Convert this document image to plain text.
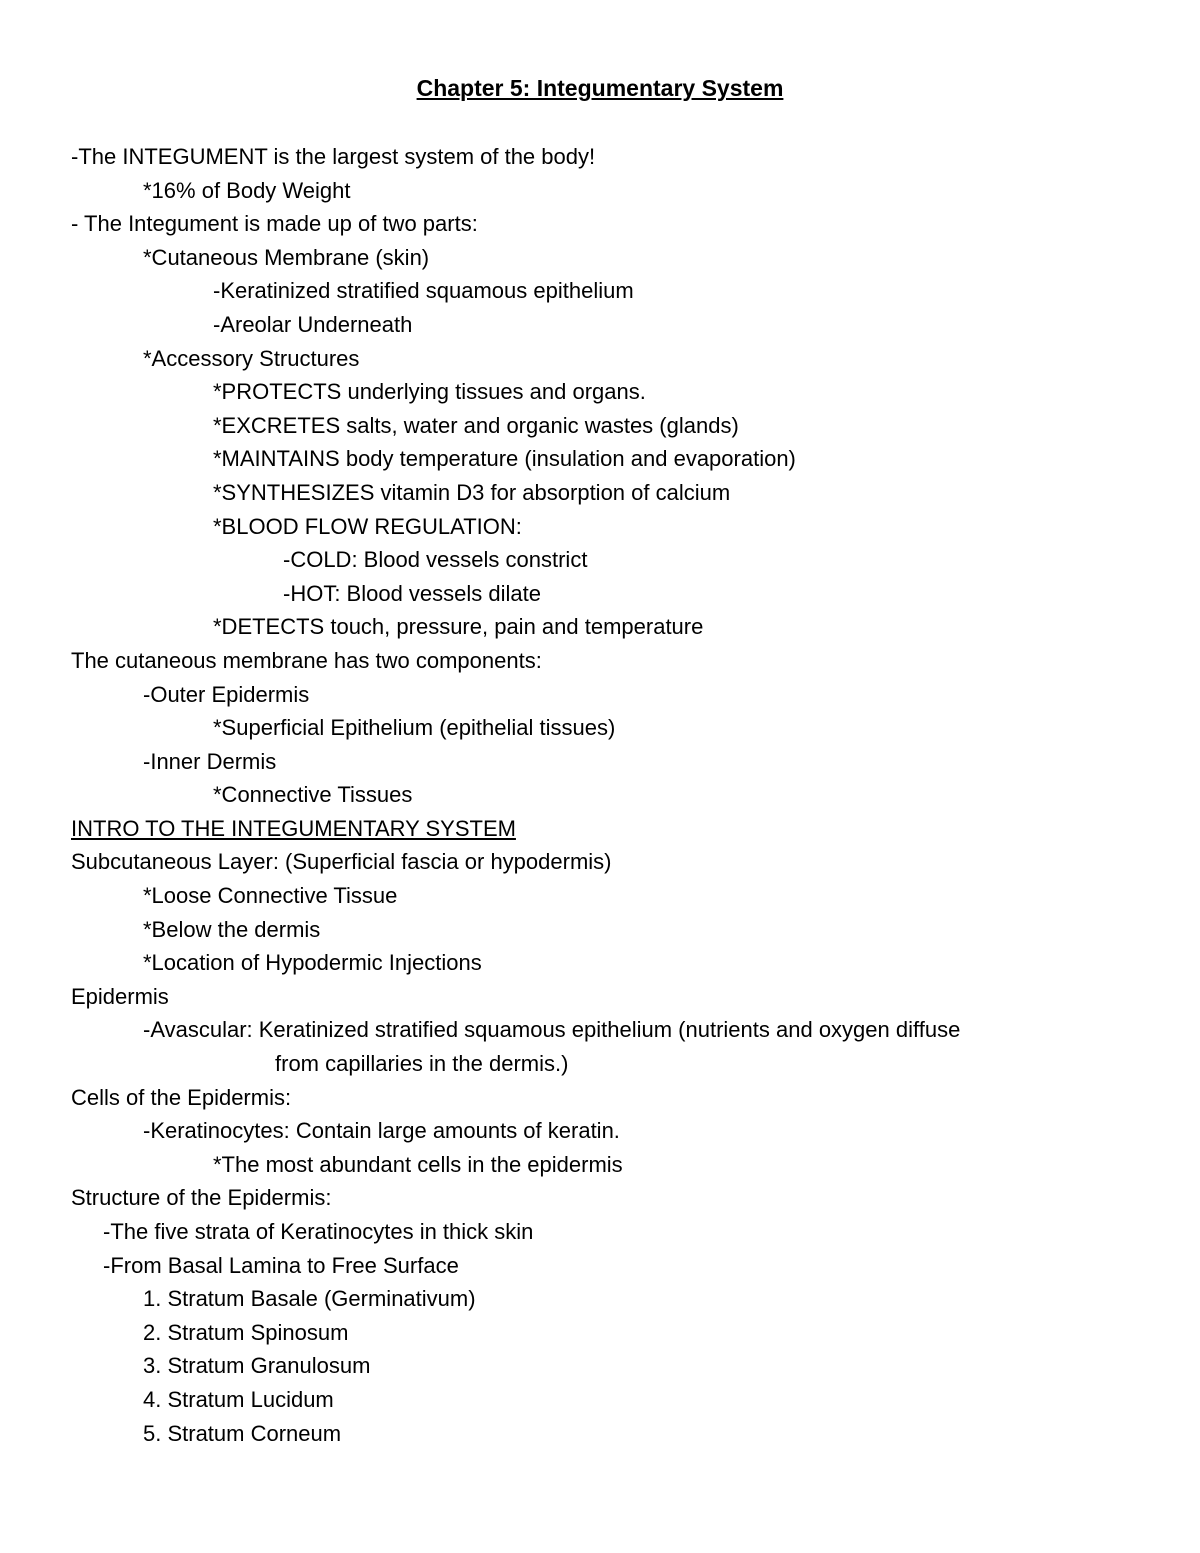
Chapter 5: Integumentary System
-The INTEGUMENT is the largest system of the body!
*16% of Body Weight
- The Integument is made up of two parts:
*Cutaneous Membrane (skin)
-Keratinized stratified squamous epithelium
-Areolar Underneath
*Accessory Structures
*PROTECTS underlying tissues and organs.
*EXCRETES salts, water and organic wastes (glands)
*MAINTAINS body temperature (insulation and evaporation)
*SYNTHESIZES vitamin D3 for absorption of calcium
*BLOOD FLOW REGULATION:
-COLD: Blood vessels constrict
-HOT: Blood vessels dilate
*DETECTS touch, pressure, pain and temperature
The cutaneous membrane has two components:
-Outer Epidermis
*Superficial Epithelium (epithelial tissues)
-Inner Dermis
*Connective Tissues
INTRO TO THE INTEGUMENTARY SYSTEM
Subcutaneous Layer: (Superficial fascia or hypodermis)
*Loose Connective Tissue
*Below the dermis
*Location of Hypodermic Injections
Epidermis
-Avascular: Keratinized stratified squamous epithelium (nutrients and oxygen diffuse
from capillaries in the dermis.)
Cells of the Epidermis:
-Keratinocytes: Contain large amounts of keratin.
*The most abundant cells in the epidermis
Structure of the Epidermis:
-The five strata of Keratinocytes in thick skin
-From Basal Lamina to Free Surface
1. Stratum Basale (Germinativum)
2. Stratum Spinosum
3. Stratum Granulosum
4. Stratum Lucidum
5. Stratum Corneum
